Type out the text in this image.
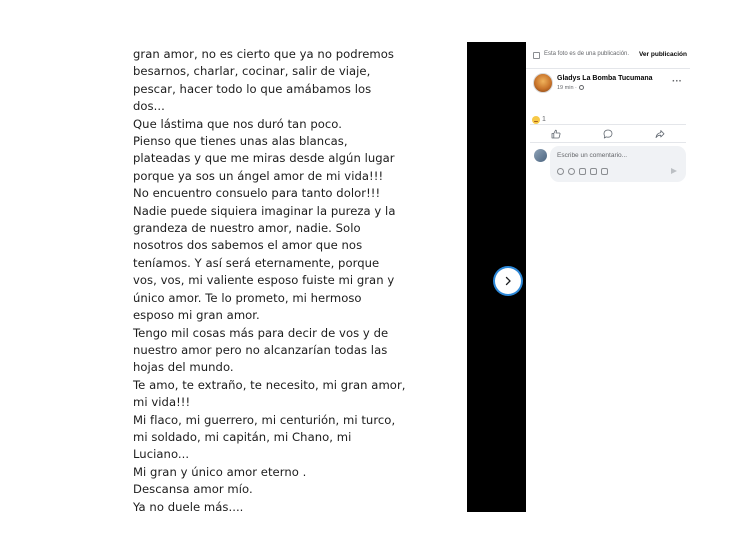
gran amor, no es cierto que ya no podremos
besarnos, charlar, cocinar, salir de viaje,
pescar, hacer todo lo que amábamos los
dos...
Que lástima que nos duró tan poco.
Pienso que tienes unas alas blancas,
plateadas y que me miras desde algún lugar
porque ya sos un ángel amor de mi vida!!!
No encuentro consuelo para tanto dolor!!!
Nadie puede siquiera imaginar la pureza y la
grandeza de nuestro amor, nadie. Solo
nosotros dos sabemos el amor que nos
teníamos. Y así será eternamente, porque
vos, vos, mi valiente esposo fuiste mi gran y
único amor. Te lo prometo, mi hermoso
esposo mi gran amor.
Tengo mil cosas más para decir de vos y de
nuestro amor pero no alcanzarían todas las
hojas del mundo.
Te amo, te extraño, te necesito, mi gran amor,
mi vida!!!
Mi flaco, mi guerrero, mi centurión, mi turco,
mi soldado, mi capitán, mi Chano, mi
Luciano...
Mi gran y único amor eterno .
Descansa amor mío.
Ya no duele más....
Esta foto es de una publicación. Ver publicación
Gladys La Bomba Tucumana
19 min ·
···
1
Escribe un comentario...
